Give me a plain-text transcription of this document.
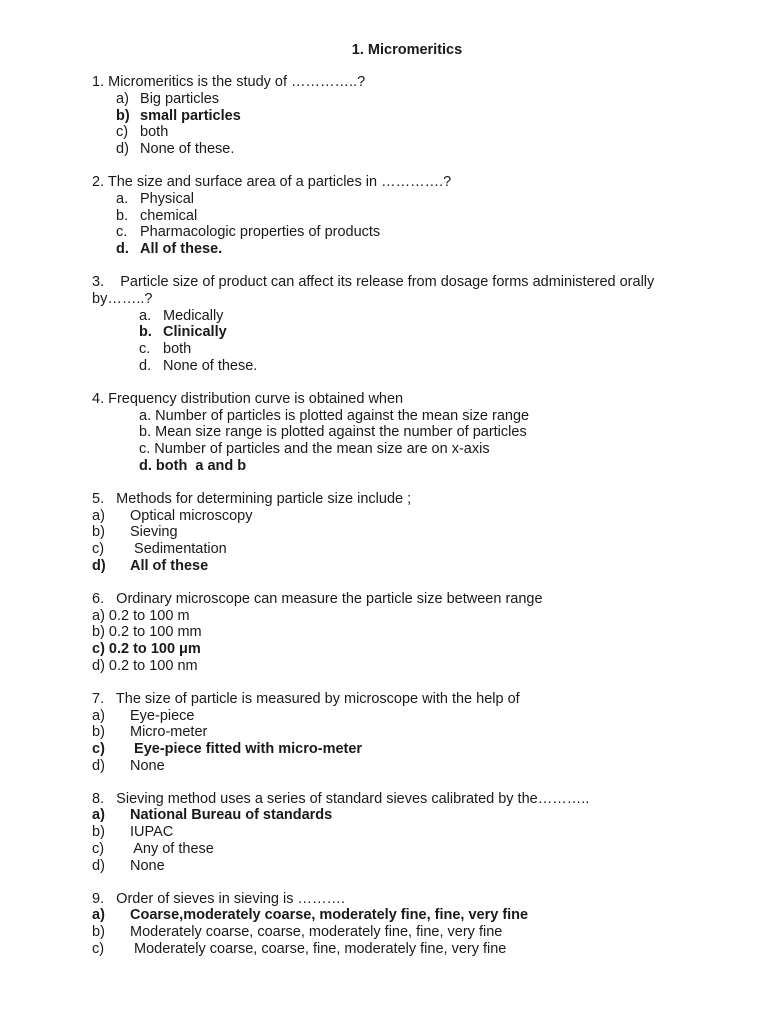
1. Micromeritics
1. Micromeritics is the study of …………..?
a) Big particles
b) small particles
c) both
d) None of these.
2. The size and surface area of a particles in ………….?
a. Physical
b. chemical
c. Pharmacologic properties of products
d. All of these.
3.    Particle size of product can affect its release from dosage forms administered orally
by……..?
a. Medically
b. Clinically
c. both
d. None of these.
4. Frequency distribution curve is obtained when
a. Number of particles is plotted against the mean size range
b. Mean size range is plotted against the number of particles
c. Number of particles and the mean size are on x-axis
d. both  a and b
5.   Methods for determining particle size include ;
a) Optical microscopy
b) Sieving
c) Sedimentation
d) All of these
6.   Ordinary microscope can measure the particle size between range
a) 0.2 to 100 m
b) 0.2 to 100 mm
c) 0.2 to 100 μm
d) 0.2 to 100 nm
7.   The size of particle is measured by microscope with the help of
a) Eye-piece
b) Micro-meter
c) Eye-piece fitted with micro-meter
d) None
8.   Sieving method uses a series of standard sieves calibrated by the………..
a) National Bureau of standards
b) IUPAC
c) Any of these
d) None
9.   Order of sieves in sieving is ……….
a) Coarse,moderately coarse, moderately fine, fine, very fine
b) Moderately coarse, coarse, moderately fine, fine, very fine
c) Moderately coarse, coarse, fine, moderately fine, very fine
